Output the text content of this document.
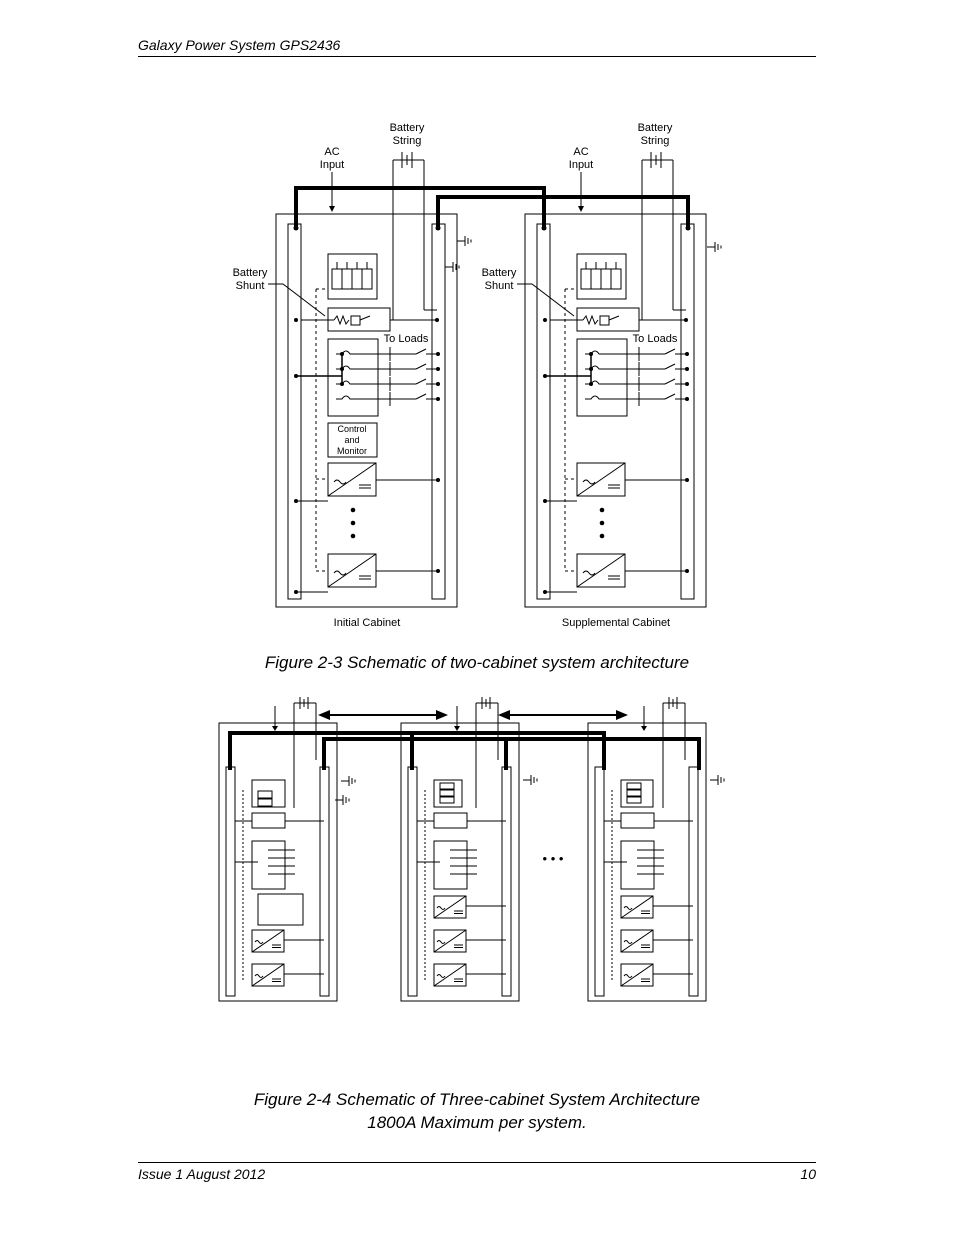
Galaxy Power System GPS2436
Control
and
Monitor
Battery
String
Battery
String
AC
Input
AC
Input
Battery
Shunt
Battery
Shunt
To Loads	To Loads
Initial Cabinet	Supplemental Cabinet
• • •
Figure 2-3 Schematic of two-cabinet system architecture
Figure 2-4 Schematic of Three-cabinet System Architecture
1800A Maximum per system.
Issue 1 August 2012	10
